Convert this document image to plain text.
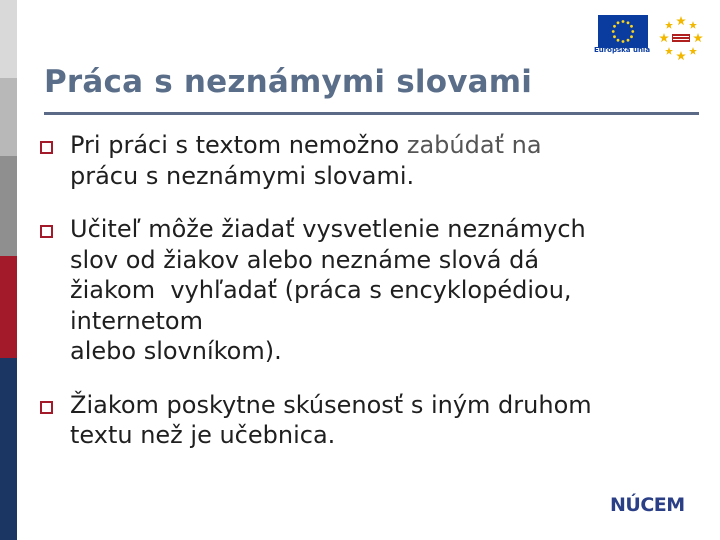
Európska únia
Práca s neznámymi slovami
Pri práci s textom nemožno zabúdať na
prácu s neznámymi slovami.
Učiteľ môže žiadať vysvetlenie neznámych
slov od žiakov alebo neznáme slová dá
žiakom  vyhľadať (práca s encyklopédiou,
internetom
alebo slovníkom).
Žiakom poskytne skúsenosť s iným druhom
textu než je učebnica.
NÚCEM
